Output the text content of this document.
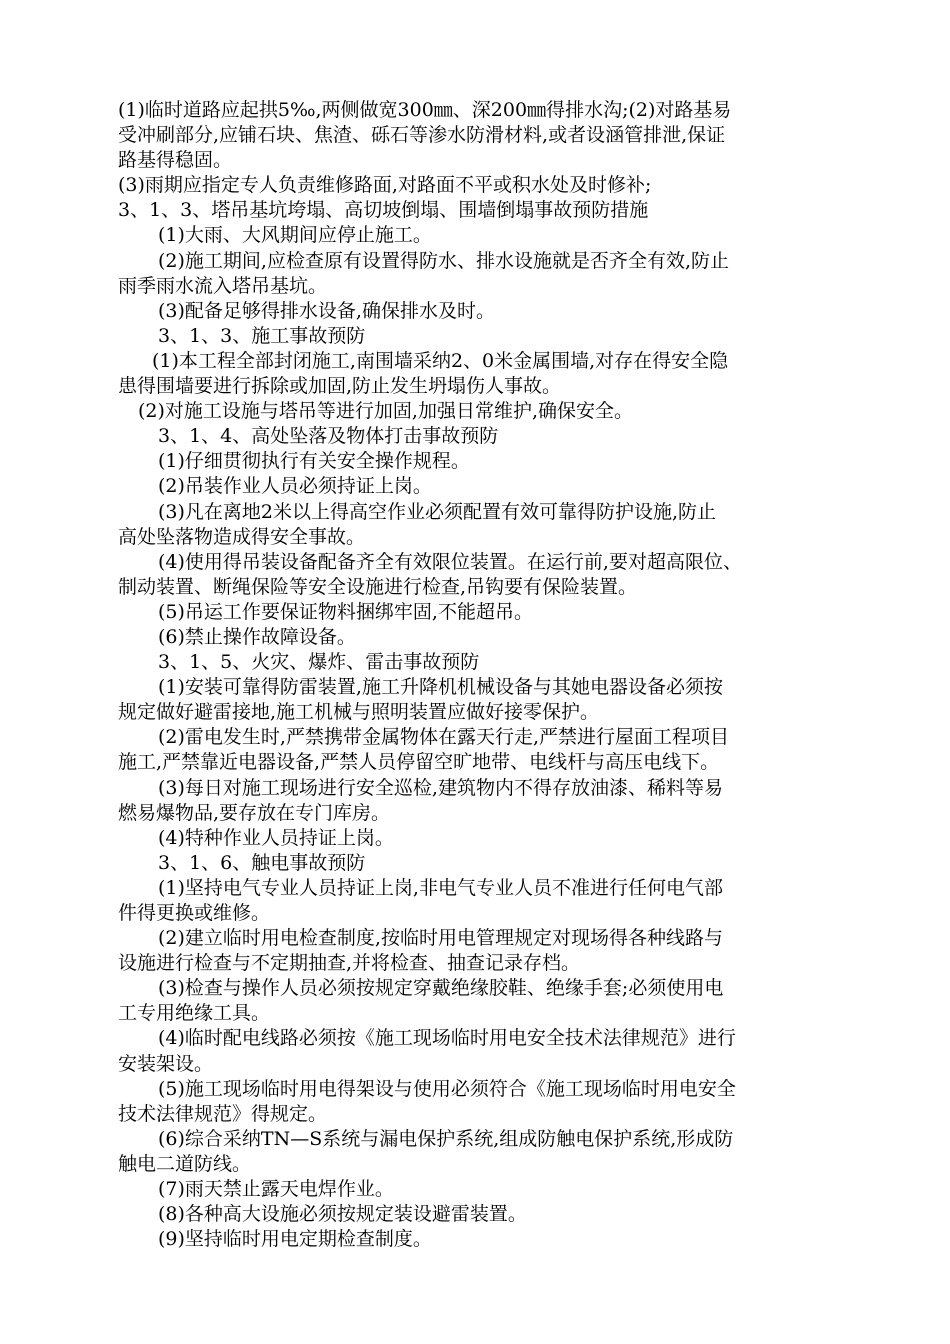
(1)临时道路应起拱5‰,两侧做宽300㎜、深200㎜得排水沟;(2)对路基易

受冲刷部分,应铺石块、焦渣、砾石等渗水防滑材料,或者设涵管排泄,保证

路基得稳固。

(3)雨期应指定专人负责维修路面,对路面不平或积水处及时修补;

3、1、3、塔吊基坑垮塌、高切坡倒塌、围墙倒塌事故预防措施

(1)大雨、大风期间应停止施工。

(2)施工期间,应检查原有设置得防水、排水设施就是否齐全有效,防止

雨季雨水流入塔吊基坑。

(3)配备足够得排水设备,确保排水及时。

3、1、3、施工事故预防

(1)本工程全部封闭施工,南围墙采纳2、0米金属围墙,对存在得安全隐

患得围墙要进行拆除或加固,防止发生坍塌伤人事故。

(2)对施工设施与塔吊等进行加固,加强日常维护,确保安全。

3、1、4、高处坠落及物体打击事故预防

(1)仔细贯彻执行有关安全操作规程。

(2)吊装作业人员必须持证上岗。

(3)凡在离地2米以上得高空作业必须配置有效可靠得防护设施,防止

高处坠落物造成得安全事故。

(4)使用得吊装设备配备齐全有效限位装置。在运行前,要对超高限位、

制动装置、断绳保险等安全设施进行检查,吊钩要有保险装置。

(5)吊运工作要保证物料捆绑牢固,不能超吊。

(6)禁止操作故障设备。

3、1、5、火灾、爆炸、雷击事故预防

(1)安装可靠得防雷装置,施工升降机机械设备与其她电器设备必须按

规定做好避雷接地,施工机械与照明装置应做好接零保护。

(2)雷电发生时,严禁携带金属物体在露天行走,严禁进行屋面工程项目

施工,严禁靠近电器设备,严禁人员停留空旷地带、电线杆与高压电线下。

(3)每日对施工现场进行安全巡检,建筑物内不得存放油漆、稀料等易

燃易爆物品,要存放在专门库房。

(4)特种作业人员持证上岗。

3、1、6、触电事故预防

(1)坚持电气专业人员持证上岗,非电气专业人员不准进行任何电气部

件得更换或维修。

(2)建立临时用电检查制度,按临时用电管理规定对现场得各种线路与

设施进行检查与不定期抽查,并将检查、抽查记录存档。

(3)检查与操作人员必须按规定穿戴绝缘胶鞋、绝缘手套;必须使用电

工专用绝缘工具。

(4)临时配电线路必须按《施工现场临时用电安全技术法律规范》进行

安装架设。

(5)施工现场临时用电得架设与使用必须符合《施工现场临时用电安全

技术法律规范》得规定。

(6)综合采纳TN—S系统与漏电保护系统,组成防触电保护系统,形成防

触电二道防线。

(7)雨天禁止露天电焊作业。

(8)各种高大设施必须按规定装设避雷装置。

(9)坚持临时用电定期检查制度。
